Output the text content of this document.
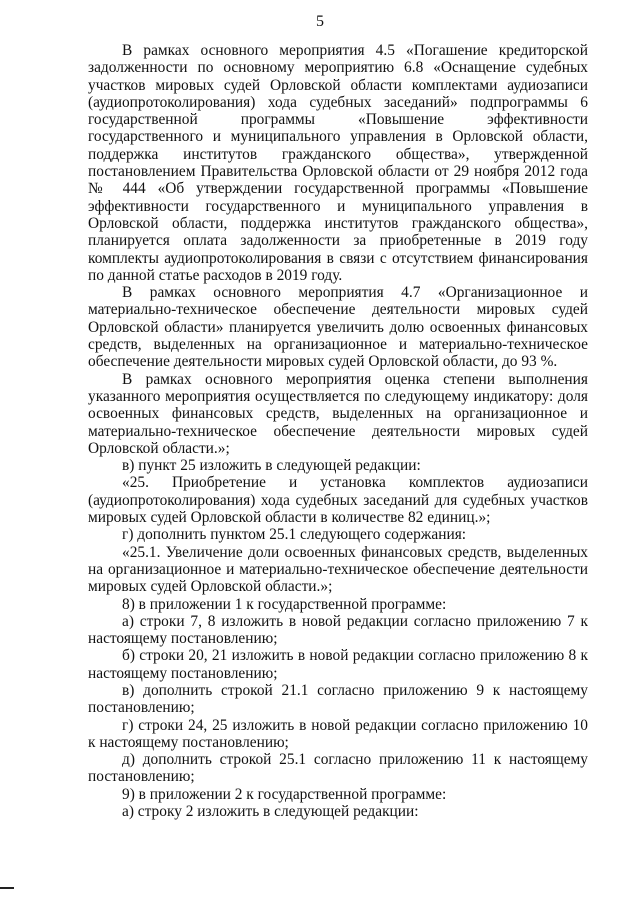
5

В рамках основного мероприятия 4.5 «Погашение кредиторской задолженности по основному мероприятию 6.8 «Оснащение судебных участков мировых судей Орловской области комплектами аудиозаписи (аудиопротоколирования) хода судебных заседаний» подпрограммы 6 государственной программы «Повышение эффективности государственного и муниципального управления в Орловской области, поддержка институтов гражданского общества», утвержденной постановлением Правительства Орловской области от 29 ноября 2012 года № 444 «Об утверждении государственной программы «Повышение эффективности государственного и муниципального управления в Орловской области, поддержка институтов гражданского общества», планируется оплата задолженности за приобретенные в 2019 году комплекты аудиопротоколирования в связи с отсутствием финансирования по данной статье расходов в 2019 году.

В рамках основного мероприятия 4.7 «Организационное и материально-техническое обеспечение деятельности мировых судей Орловской области» планируется увеличить долю освоенных финансовых средств, выделенных на организационное и материально-техническое обеспечение деятельности мировых судей Орловской области, до 93 %.

В рамках основного мероприятия оценка степени выполнения указанного мероприятия осуществляется по следующему индикатору: доля освоенных финансовых средств, выделенных на организационное и материально-техническое обеспечение деятельности мировых судей Орловской области.»;

в) пункт 25 изложить в следующей редакции:

«25. Приобретение и установка комплектов аудиозаписи (аудиопротоколирования) хода судебных заседаний для судебных участков мировых судей Орловской области в количестве 82 единиц.»;

г) дополнить пунктом 25.1 следующего содержания:

«25.1. Увеличение доли освоенных финансовых средств, выделенных на организационное и материально-техническое обеспечение деятельности мировых судей Орловской области.»;

8) в приложении 1 к государственной программе:

а) строки 7, 8 изложить в новой редакции согласно приложению 7 к настоящему постановлению;

б) строки 20, 21 изложить в новой редакции согласно приложению 8 к настоящему постановлению;

в) дополнить строкой 21.1 согласно приложению 9 к настоящему постановлению;

г) строки 24, 25 изложить в новой редакции согласно приложению 10 к настоящему постановлению;

д) дополнить строкой 25.1 согласно приложению 11 к настоящему постановлению;

9) в приложении 2 к государственной программе:

а) строку 2 изложить в следующей редакции:
